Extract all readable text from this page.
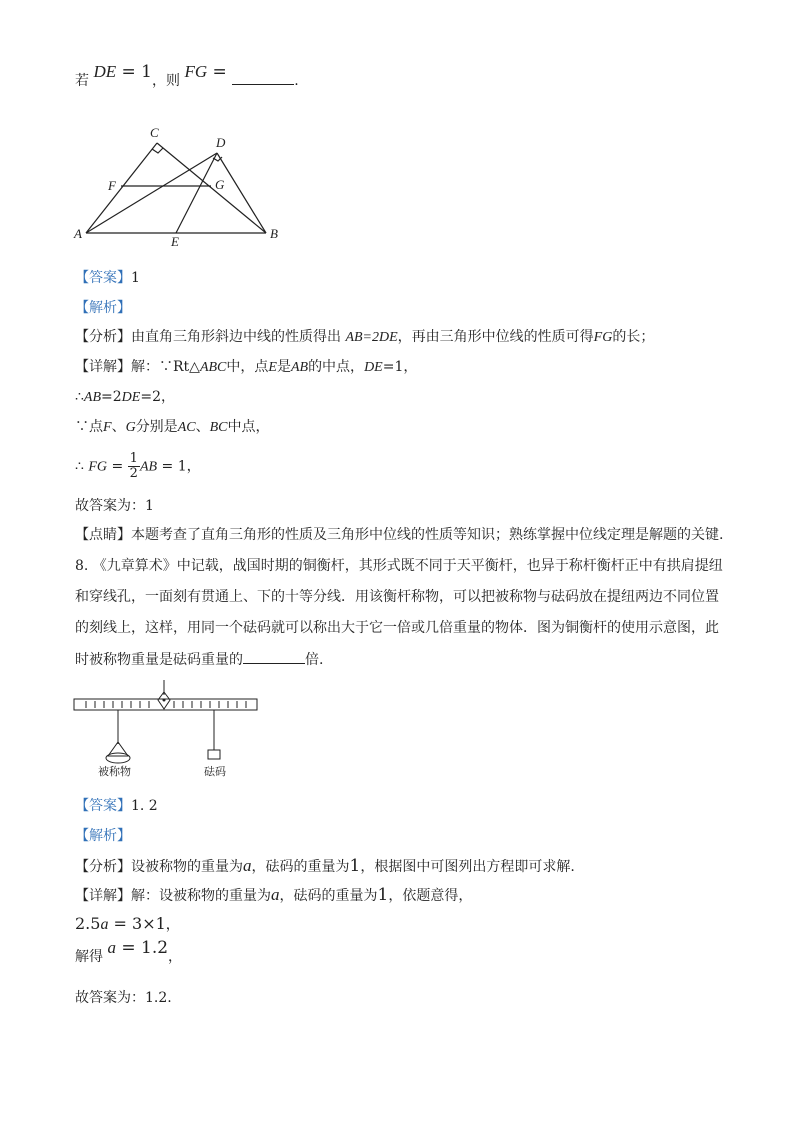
若 DE = 1，则 FG =	.
C
D
F	G
A
E
B
【答案】1
【解析】
【分析】由直角三角形斜边中线的性质得出 AB=2DE，再由三角形中位线的性质可得FG的长；
【详解】解：∵Rt△ABC中，点E是AB的中点，DE=1，
∴AB=2DE=2，
∵点F、G分别是AC、BC中点，
∴ FG = $\frac{1}{2}$ AB = 1，
故答案为：1
【点睛】本题考查了直角三角形的性质及三角形中位线的性质等知识；熟练掌握中位线定理是解题的关键.
8. 《九章算术》中记载，战国时期的铜衡杆，其形式既不同于天平衡杆，也异于称杆衡杆正中有拱肩提纽
和穿线孔，一面刻有贯通上、下的十等分线．用该衡杆称物，可以把被称物与砝码放在提纽两边不同位置
的刻线上，这样，用同一个砝码就可以称出大于它一倍或几倍重量的物体．图为铜衡杆的使用示意图，此
时被称物重量是砝码重量的	倍.
被称物	砝码
【答案】1. 2
【解析】
【分析】设被称物的重量为a，砝码的重量为1，根据图中可图列出方程即可求解.
【详解】解：设被称物的重量为a，砝码的重量为1，依题意得，
2.5a = 3×1，
解得 a = 1.2，
故答案为：1.2.
